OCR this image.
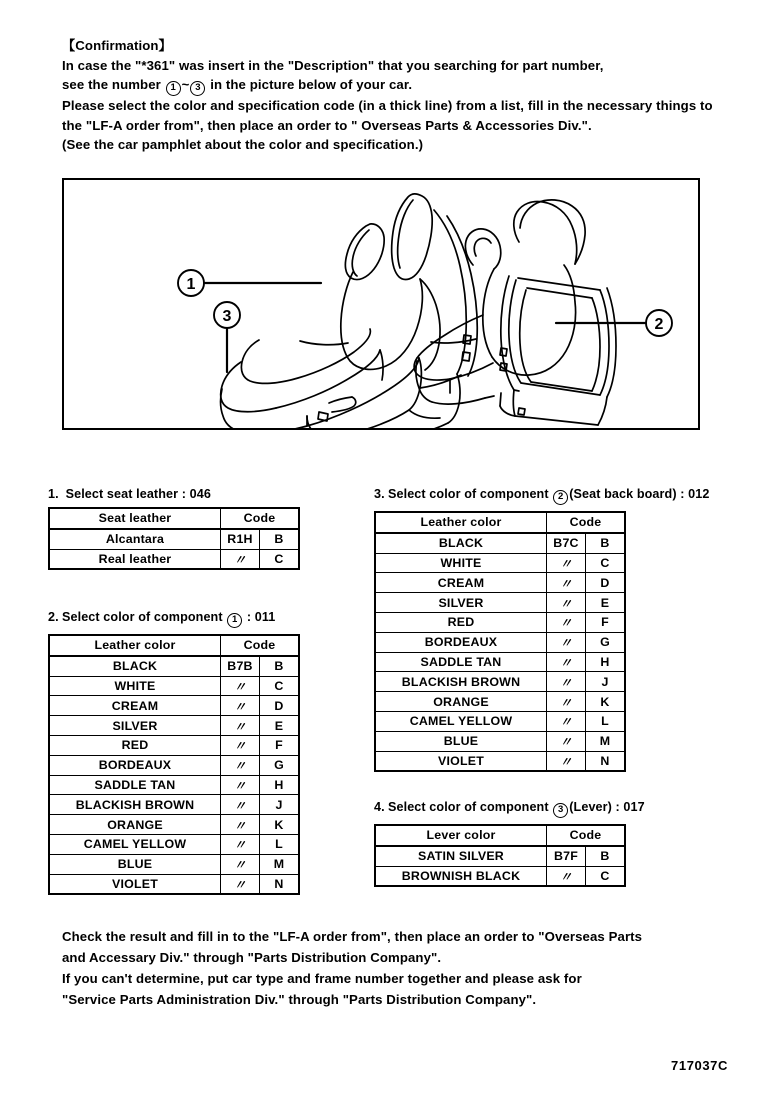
【Confirmation】
In case the "*361" was insert in the "Description" that you searching for part number,
see the number 1 ~ 3 in the picture below of your car.
Please select the color and specification code (in a thick line) from a list, fill in the necessary things to
the "LF-A order from", then place an order to " Overseas Parts & Accessories Div.".
(See the car pamphlet about the color and specification.)
1
3	2
1. Select seat leather : 046
Seat leather	Code	
Alcantara	R1H	B
Real leather	〃	C
2. Select color of component 1 : 011
Leather color	Code	
BLACK	B7B	B
WHITE	〃	C
CREAM	〃	D
SILVER	〃	E
RED	〃	F
BORDEAUX	〃	G
SADDLE TAN	〃	H
BLACKISH BROWN	〃	J
ORANGE	〃	K
CAMEL YELLOW	〃	L
BLUE	〃	M
VIOLET	〃	N
3. Select color of component 2 (Seat back board) : 012
Leather color	Code	
BLACK	B7C	B
WHITE	〃	C
CREAM	〃	D
SILVER	〃	E
RED	〃	F
BORDEAUX	〃	G
SADDLE TAN	〃	H
BLACKISH BROWN	〃	J
ORANGE	〃	K
CAMEL YELLOW	〃	L
BLUE	〃	M
VIOLET	〃	N
4. Select color of component 3 (Lever) : 017
Lever color	Code	
SATIN SILVER	B7F	B
BROWNISH BLACK	〃	C
Check the result and fill in to the "LF-A order from", then place an order to "Overseas Parts
and Accessary Div." through "Parts Distribution Company".
If you can't determine, put car type and frame number together and please ask for
"Service Parts Administration Div." through "Parts Distribution Company".
717037C
